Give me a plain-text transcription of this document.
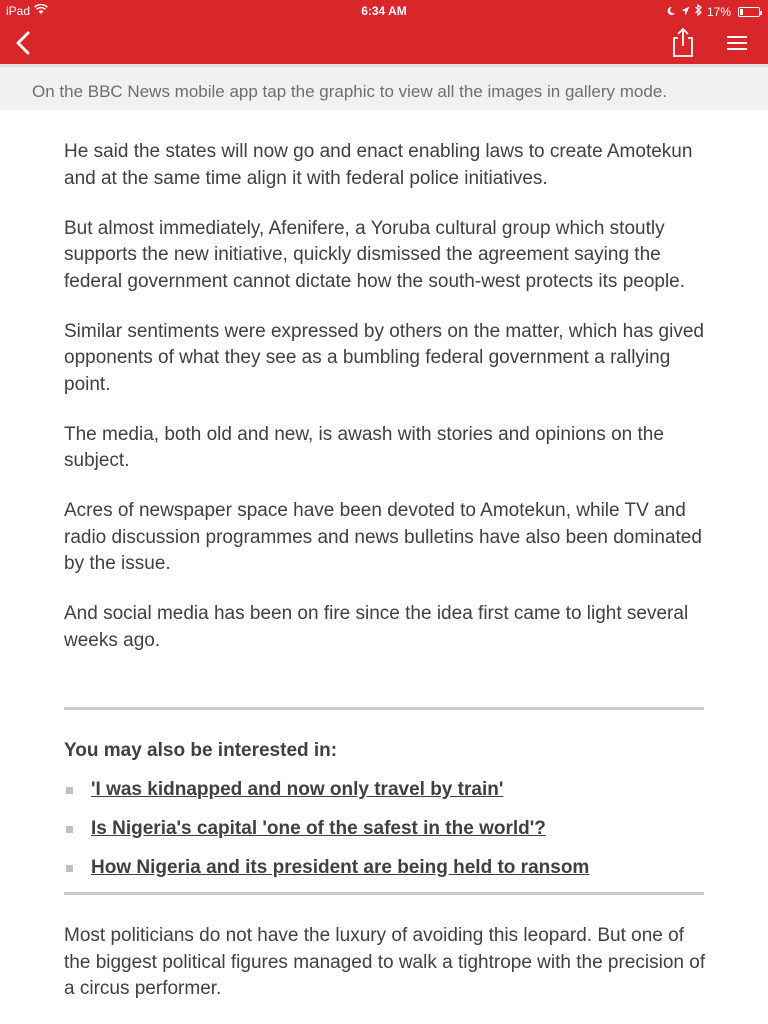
iPad	6:34 AM	17%
On the BBC News mobile app tap the graphic to view all the images in gallery mode.

He said the states will now go and enact enabling laws to create Amotekun and at the same time align it with federal police initiatives.

But almost immediately, Afenifere, a Yoruba cultural group which stoutly supports the new initiative, quickly dismissed the agreement saying the federal government cannot dictate how the south-west protects its people.

Similar sentiments were expressed by others on the matter, which has gived opponents of what they see as a bumbling federal government a rallying point.

The media, both old and new, is awash with stories and opinions on the subject.

Acres of newspaper space have been devoted to Amotekun, while TV and radio discussion programmes and news bulletins have also been dominated by the issue.

And social media has been on fire since the idea first came to light several weeks ago.

You may also be interested in:
'I was kidnapped and now only travel by train'
Is Nigeria's capital 'one of the safest in the world'?
How Nigeria and its president are being held to ransom

Most politicians do not have the luxury of avoiding this leopard. But one of the biggest political figures managed to walk a tightrope with the precision of a circus performer.
